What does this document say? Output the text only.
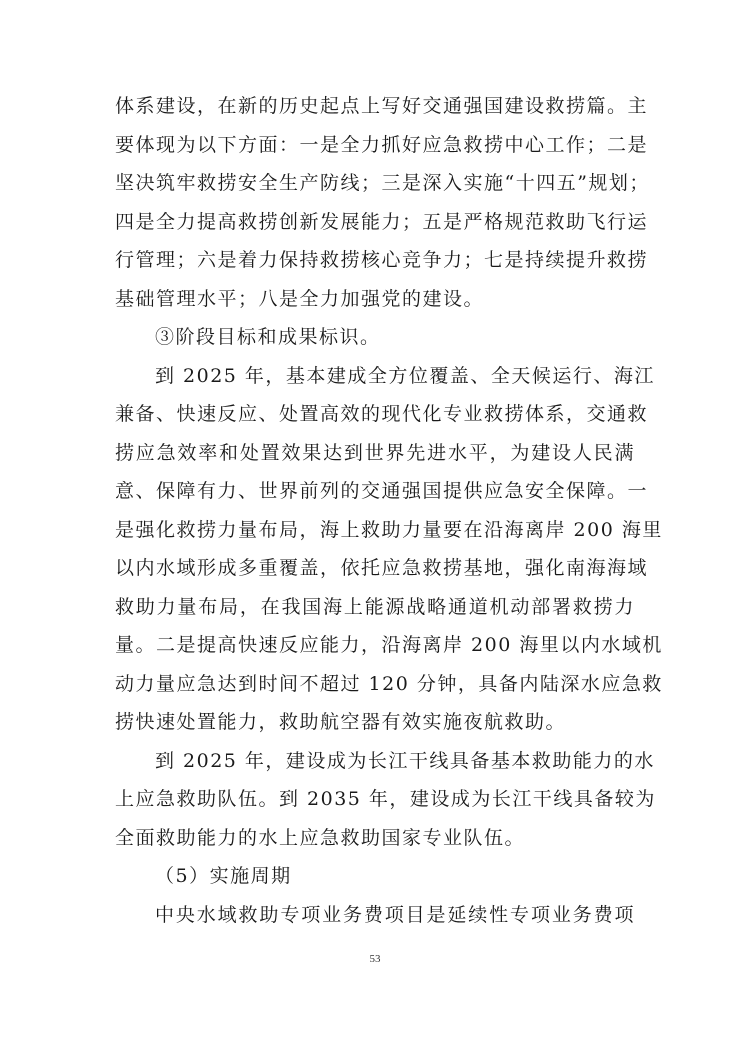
体系建设，在新的历史起点上写好交通强国建设救捞篇。主
要体现为以下方面：一是全力抓好应急救捞中心工作；二是
坚决筑牢救捞安全生产防线；三是深入实施“十四五”规划；
四是全力提高救捞创新发展能力；五是严格规范救助飞行运
行管理；六是着力保持救捞核心竞争力；七是持续提升救捞
基础管理水平；八是全力加强党的建设。

③阶段目标和成果标识。

到 2025 年，基本建成全方位覆盖、全天候运行、海江
兼备、快速反应、处置高效的现代化专业救捞体系，交通救
捞应急效率和处置效果达到世界先进水平，为建设人民满
意、保障有力、世界前列的交通强国提供应急安全保障。一
是强化救捞力量布局，海上救助力量要在沿海离岸 200 海里
以内水域形成多重覆盖，依托应急救捞基地，强化南海海域
救助力量布局，在我国海上能源战略通道机动部署救捞力
量。二是提高快速反应能力，沿海离岸 200 海里以内水域机
动力量应急达到时间不超过 120 分钟，具备内陆深水应急救
捞快速处置能力，救助航空器有效实施夜航救助。

到 2025 年，建设成为长江干线具备基本救助能力的水
上应急救助队伍。到 2035 年，建设成为长江干线具备较为
全面救助能力的水上应急救助国家专业队伍。

（5）实施周期

中央水域救助专项业务费项目是延续性专项业务费项

53
